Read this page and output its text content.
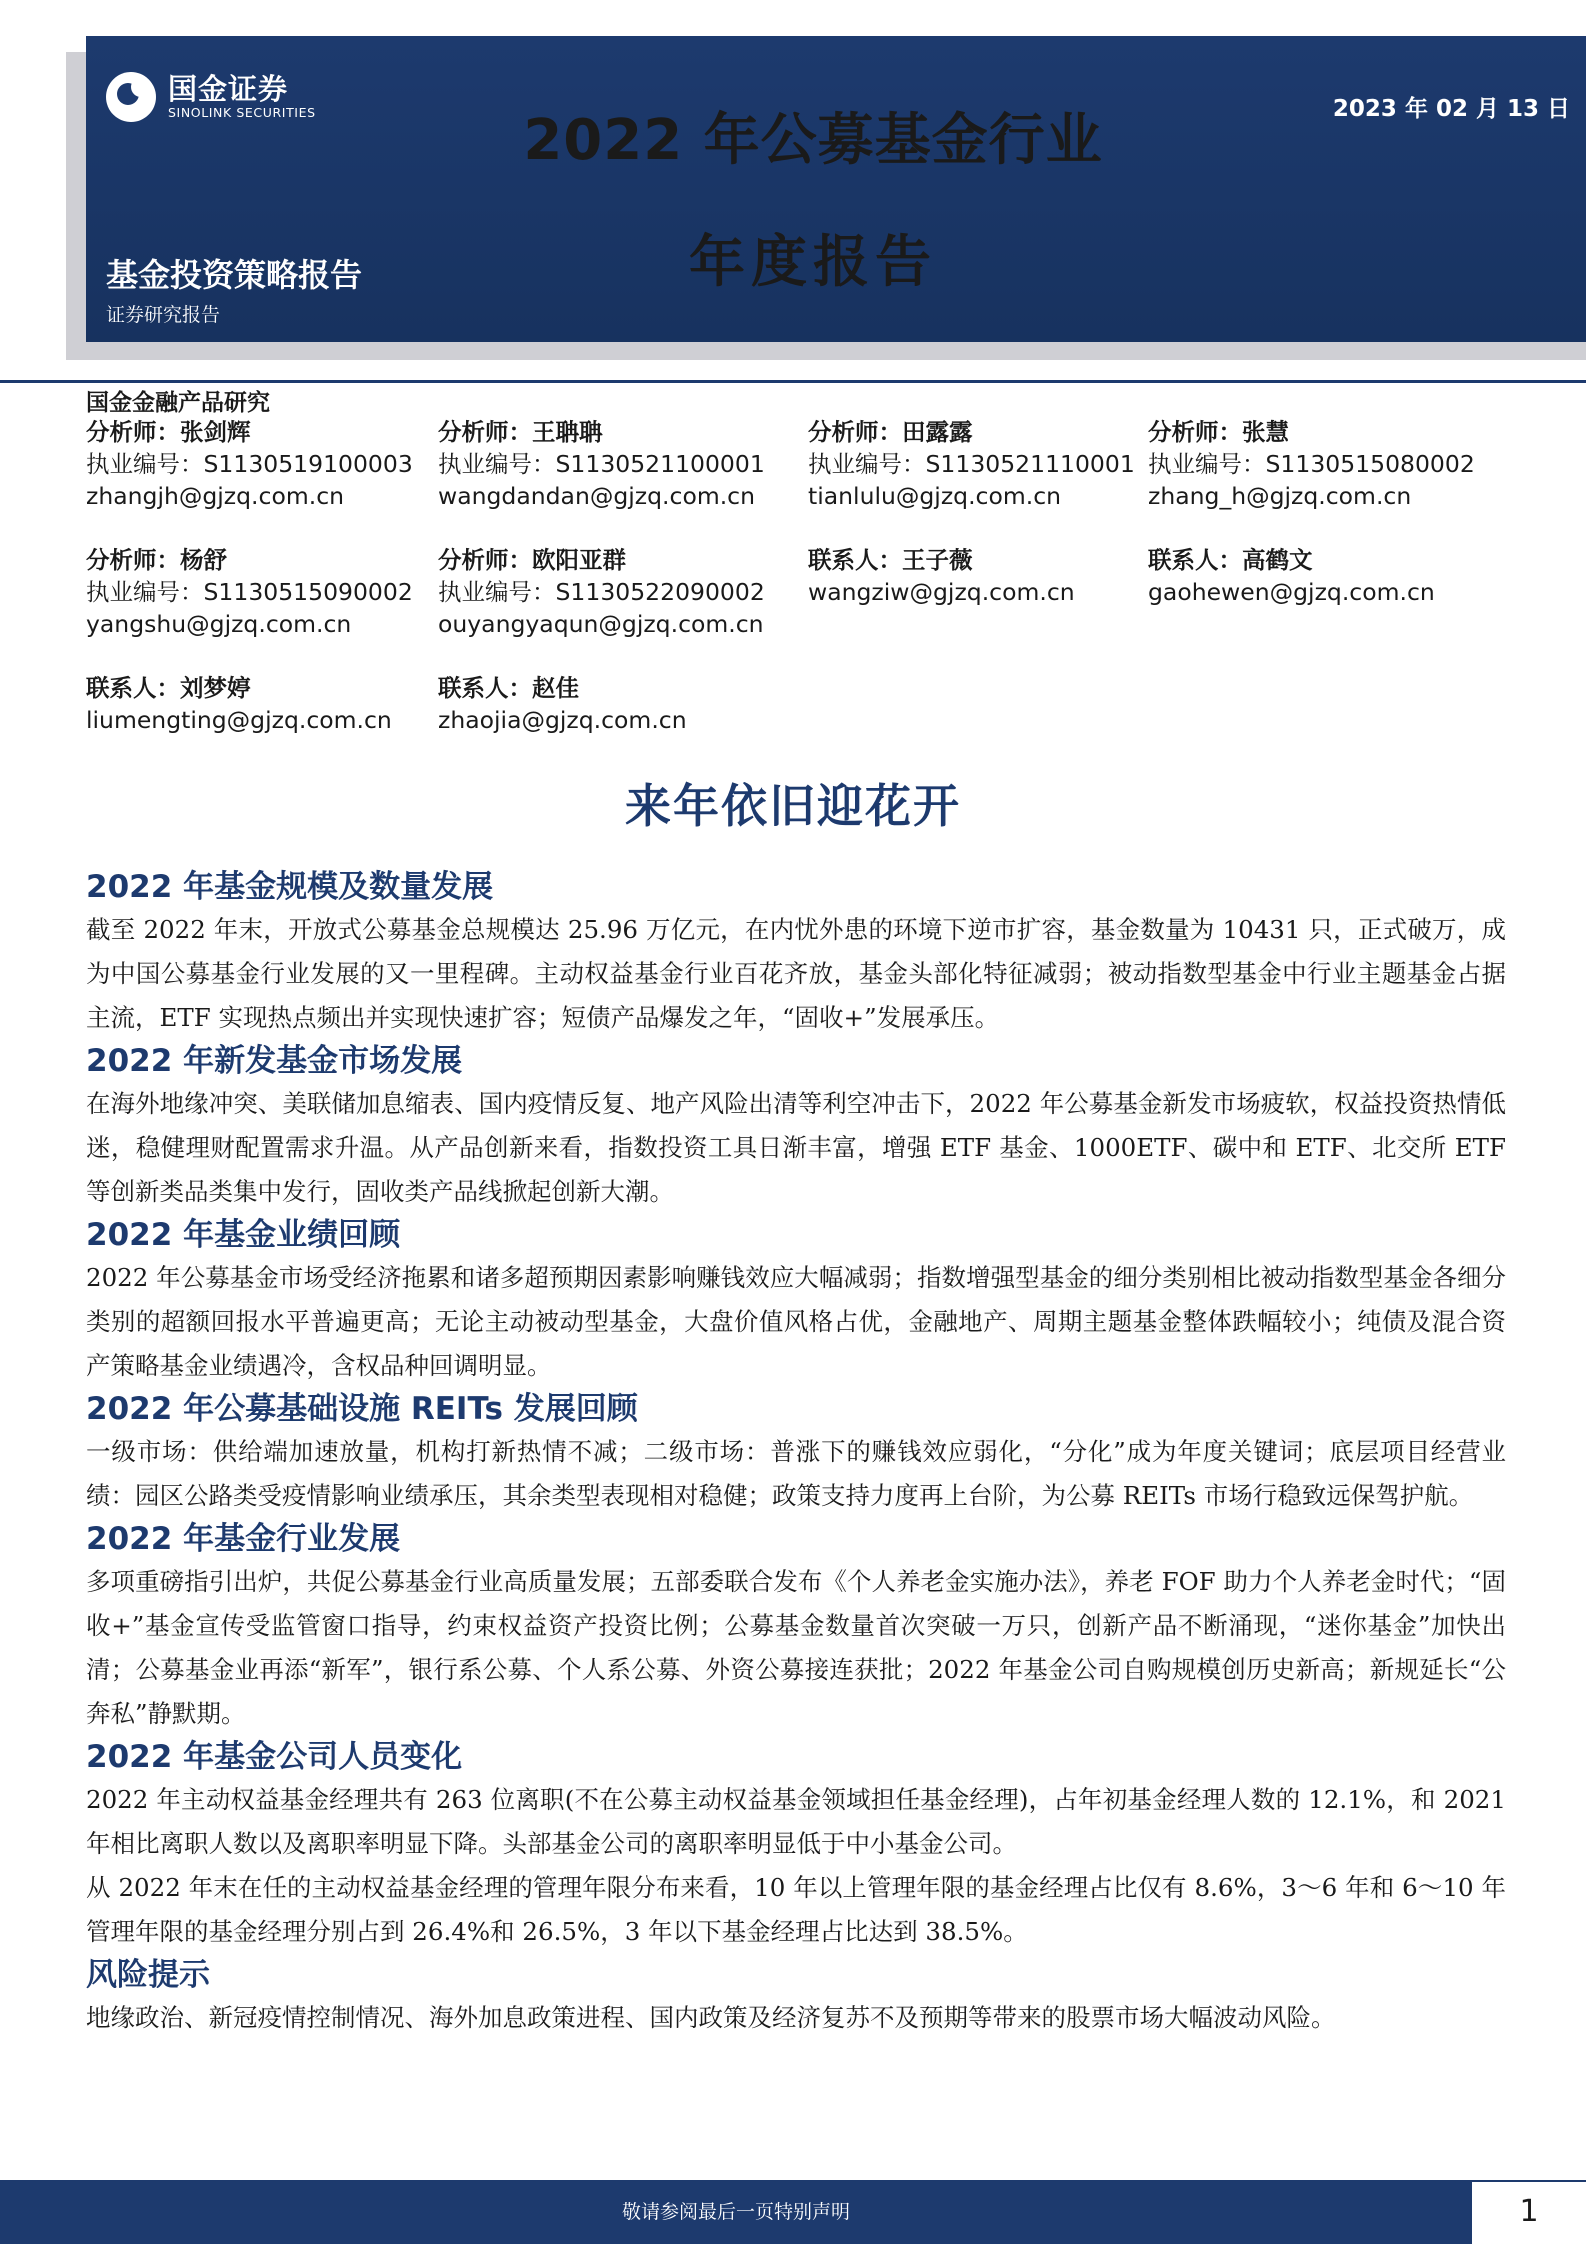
国金证券
SINOLINK SECURITIES	2023 年 02 月 13 日
基金投资策略报告
证券研究报告
2022 年公募基金行业
年度报告
国金金融产品研究
分析师：张剑辉
执业编号：S1130519100003
zhangjh@gjzq.com.cn
分析师：王聃聃
执业编号：S1130521100001
wangdandan@gjzq.com.cn
分析师：田露露
执业编号：S1130521110001
tianlulu@gjzq.com.cn
分析师：张慧
执业编号：S1130515080002
zhang_h@gjzq.com.cn
分析师：杨舒
执业编号：S1130515090002
yangshu@gjzq.com.cn
分析师：欧阳亚群
执业编号：S1130522090002
ouyangyaqun@gjzq.com.cn
联系人：王子薇
wangziw@gjzq.com.cn
联系人：高鹤文
gaohewen@gjzq.com.cn
联系人：刘梦婷
liumengting@gjzq.com.cn
联系人：赵佳
zhaojia@gjzq.com.cn
来年依旧迎花开
2022 年基金规模及数量发展

截至 2022 年末，开放式公募基金总规模达 25.96 万亿元，在内忧外患的环境下逆市扩容，基金数量为 10431 只，正式破万，成为中国公募基金行业发展的又一里程碑。主动权益基金行业百花齐放，基金头部化特征减弱；被动指数型基金中行业主题基金占据主流，ETF 实现热点频出并实现快速扩容；短债产品爆发之年，“固收+”发展承压。

2022 年新发基金市场发展

在海外地缘冲突、美联储加息缩表、国内疫情反复、地产风险出清等利空冲击下，2022 年公募基金新发市场疲软，权益投资热情低迷，稳健理财配置需求升温。从产品创新来看，指数投资工具日渐丰富，增强 ETF 基金、1000ETF、碳中和 ETF、北交所 ETF 等创新类品类集中发行，固收类产品线掀起创新大潮。

2022 年基金业绩回顾

2022 年公募基金市场受经济拖累和诸多超预期因素影响赚钱效应大幅减弱；指数增强型基金的细分类别相比被动指数型基金各细分类别的超额回报水平普遍更高；无论主动被动型基金，大盘价值风格占优，金融地产、周期主题基金整体跌幅较小；纯债及混合资产策略基金业绩遇冷，含权品种回调明显。

2022 年公募基础设施 REITs 发展回顾

一级市场：供给端加速放量，机构打新热情不减；二级市场：普涨下的赚钱效应弱化，“分化”成为年度关键词；底层项目经营业绩：园区公路类受疫情影响业绩承压，其余类型表现相对稳健；政策支持力度再上台阶，为公募 REITs 市场行稳致远保驾护航。

2022 年基金行业发展

多项重磅指引出炉，共促公募基金行业高质量发展；五部委联合发布《个人养老金实施办法》，养老 FOF 助力个人养老金时代；“固收+”基金宣传受监管窗口指导，约束权益资产投资比例；公募基金数量首次突破一万只，创新产品不断涌现，“迷你基金”加快出清；公募基金业再添“新军”，银行系公募、个人系公募、外资公募接连获批；2022 年基金公司自购规模创历史新高；新规延长“公奔私”静默期。

2022 年基金公司人员变化

2022 年主动权益基金经理共有 263 位离职(不在公募主动权益基金领域担任基金经理)，占年初基金经理人数的 12.1%，和 2021 年相比离职人数以及离职率明显下降。头部基金公司的离职率明显低于中小基金公司。

从 2022 年末在任的主动权益基金经理的管理年限分布来看，10 年以上管理年限的基金经理占比仅有 8.6%，3～6 年和 6～10 年管理年限的基金经理分别占到 26.4%和 26.5%，3 年以下基金经理占比达到 38.5%。

风险提示

地缘政治、新冠疫情控制情况、海外加息政策进程、国内政策及经济复苏不及预期等带来的股票市场大幅波动风险。

敬请参阅最后一页特别声明	1
